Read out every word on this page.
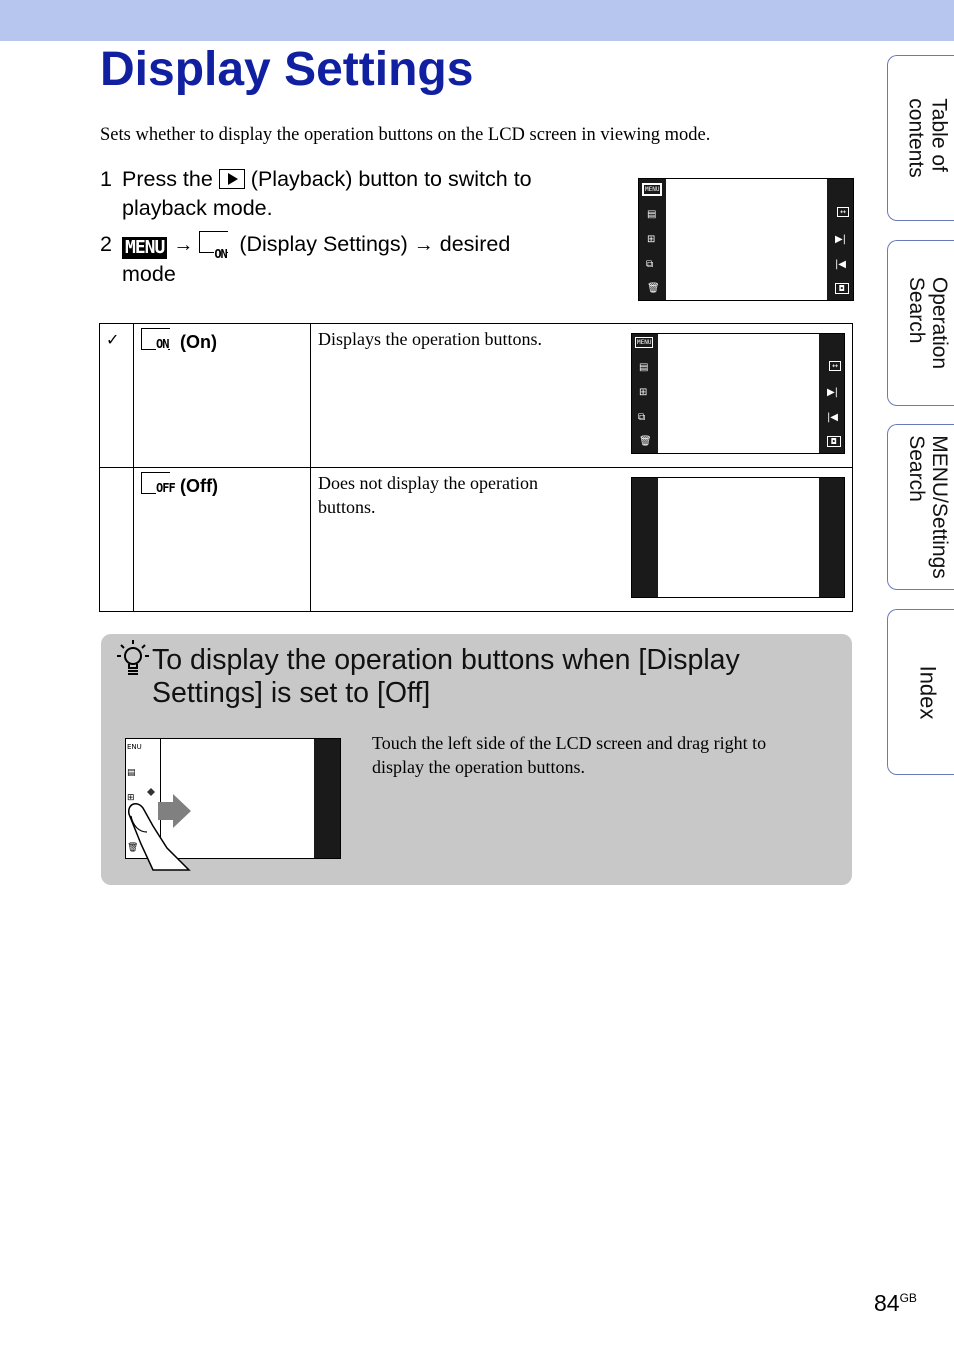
Display Settings
Sets whether to display the operation buttons on the LCD screen in viewing mode.
1 Press the (Playback) button to switch to
playback mode.
2 MENU → ON (Display Settings) → desired
mode
MENU
▤
⊞
⧉
🗑
↔
▶|
|◀
◘
✓	ON (On)	Displays the operation buttons.	MENU
▤
⊞
⧉
🗑
↔
▶|
|◀
◘
OFF (Off)	Does not display the operation buttons.
To display the operation buttons when [Display Settings] is set to [Off]
ENU
▤
⊞
🗑
Touch the left side of the LCD screen and drag right to display the operation buttons.
Table of
contents
Operation
Search
MENU/Settings
Search
Index
$84^{GB}$
